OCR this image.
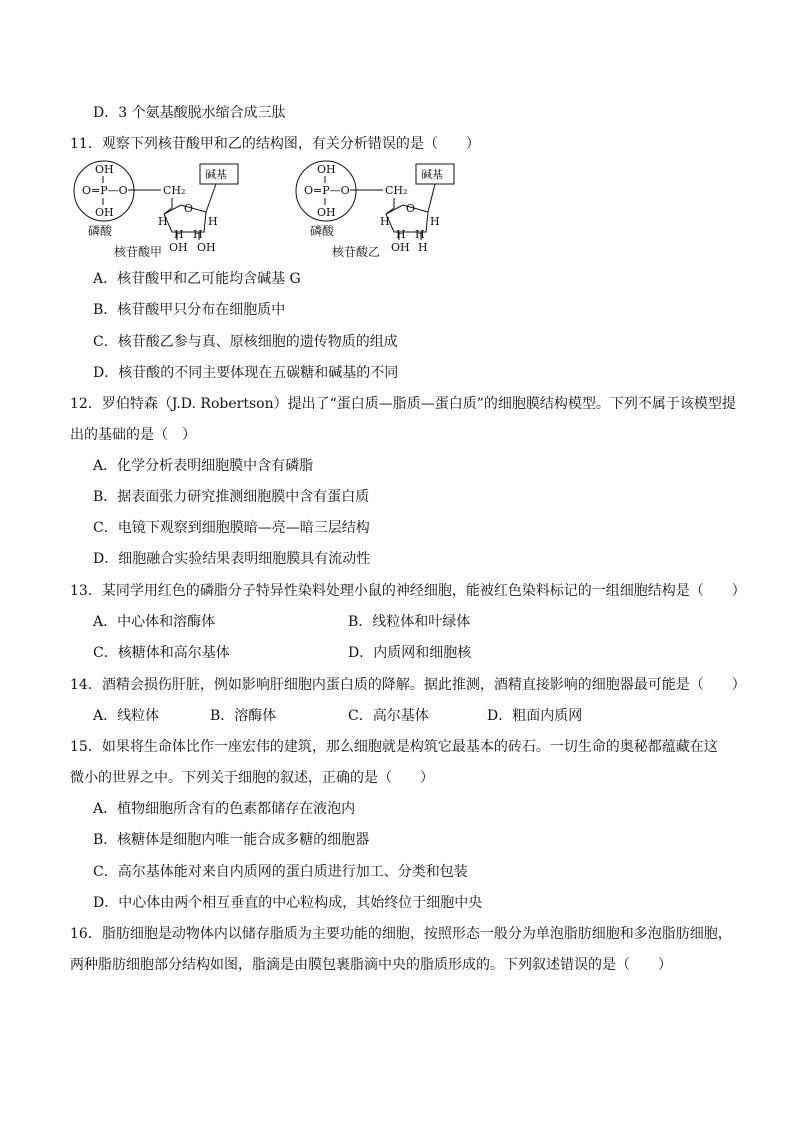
D．3 个氨基酸脱水缩合成三肽
11．观察下列核苷酸甲和乙的结构图，有关分析错误的是（　　）
OH
O=P—O
OH
CH₂
O
碱基
H	H
H H
OH OH
磷酸
核苷酸甲
OH
O=P—O
OH
CH₂
O
碱基
H	H
H H
OH H
磷酸
核苷酸乙
A．核苷酸甲和乙可能均含碱基 G
B．核苷酸甲只分布在细胞质中
C．核苷酸乙参与真、原核细胞的遗传物质的组成
D．核苷酸的不同主要体现在五碳糖和碱基的不同
12．罗伯特森（J.D. Robertson）提出了“蛋白质—脂质—蛋白质”的细胞膜结构模型。下列不属于该模型提
出的基础的是（　）
A．化学分析表明细胞膜中含有磷脂
B．据表面张力研究推测细胞膜中含有蛋白质
C．电镜下观察到细胞膜暗—亮—暗三层结构
D．细胞融合实验结果表明细胞膜具有流动性
13．某同学用红色的磷脂分子特异性染料处理小鼠的神经细胞，能被红色染料标记的一组细胞结构是（　　）
A．中心体和溶酶体	B．线粒体和叶绿体
C．核糖体和高尔基体	D．内质网和细胞核
14．酒精会损伤肝脏，例如影响肝细胞内蛋白质的降解。据此推测，酒精直接影响的细胞器最可能是（　　）
A．线粒体	B．溶酶体	C．高尔基体	D．粗面内质网
15．如果将生命体比作一座宏伟的建筑，那么细胞就是构筑它最基本的砖石。一切生命的奥秘都蕴藏在这
微小的世界之中。下列关于细胞的叙述，正确的是（　　）
A．植物细胞所含有的色素都储存在液泡内
B．核糖体是细胞内唯一能合成多糖的细胞器
C．高尔基体能对来自内质网的蛋白质进行加工、分类和包装
D．中心体由两个相互垂直的中心粒构成，其始终位于细胞中央
16．脂肪细胞是动物体内以储存脂质为主要功能的细胞，按照形态一般分为单泡脂肪细胞和多泡脂肪细胞，
两种脂肪细胞部分结构如图，脂滴是由膜包裹脂滴中央的脂质形成的。下列叙述错误的是（　　）
